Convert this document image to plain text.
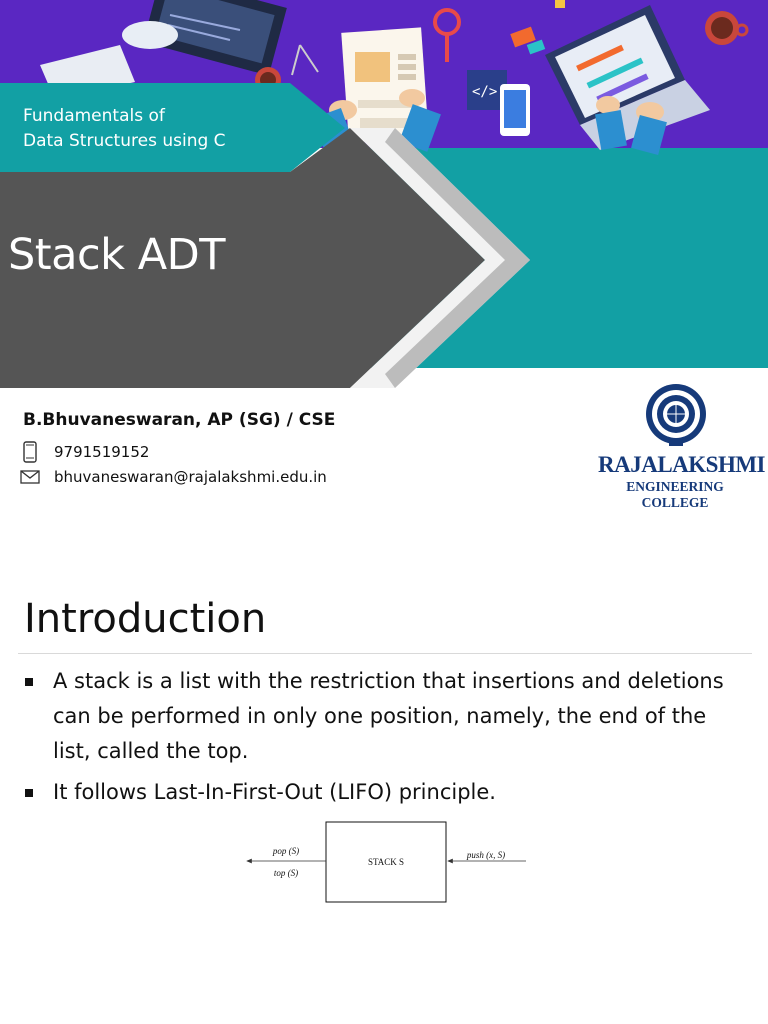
</>
Fundamentals of
Data Structures using C
Stack ADT
B.Bhuvaneswaran, AP (SG) / CSE
9791519152
bhuvaneswaran@rajalakshmi.edu.in	RAJALAKSHMI
ENGINEERING COLLEGE
Introduction
A stack is a list with the restriction that insertions and deletions can be performed in only one position, namely, the end of the list, called the top.
It follows Last-In-First-Out (LIFO) principle.
STACK S
pop (S)
top (S)
push (x, S)
